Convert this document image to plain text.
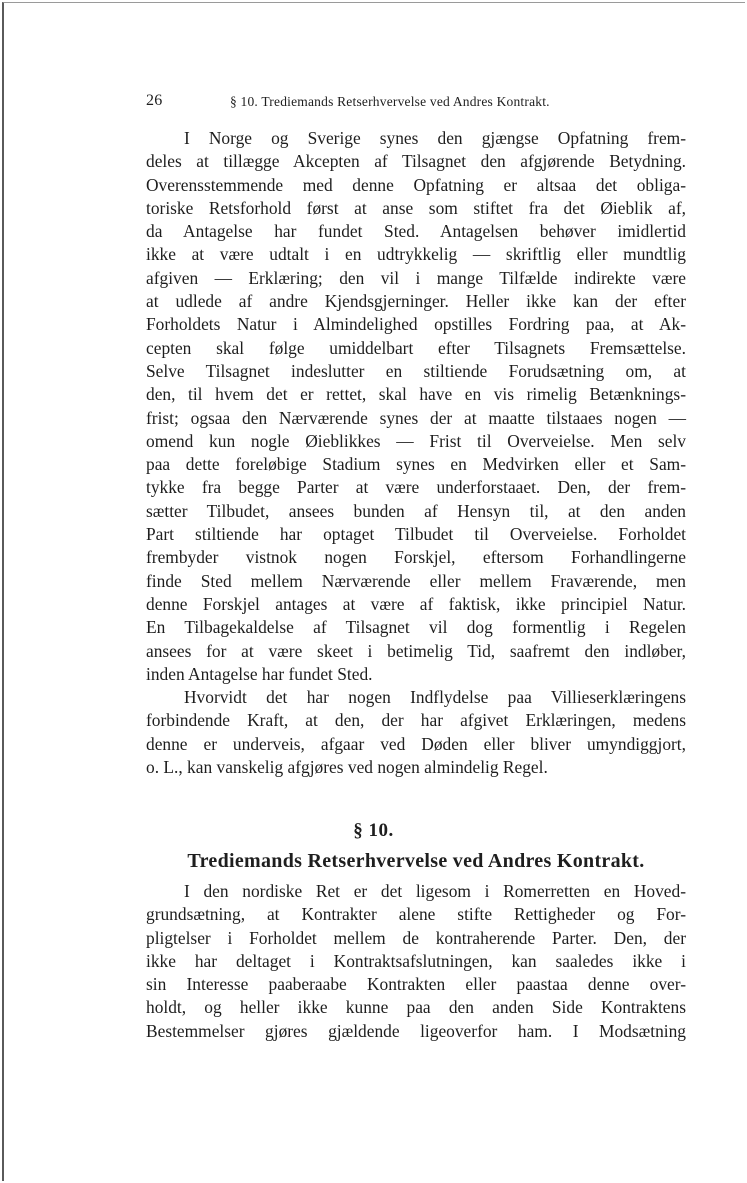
26	§ 10. Trediemands Retserhvervelse ved Andres Kontrakt.
I Norge og Sverige synes den gjængse Opfatning frem-
deles at tillægge Akcepten af Tilsagnet den afgjørende Betydning.
Overensstemmende med denne Opfatning er altsaa det obliga-
toriske Retsforhold først at anse som stiftet fra det Øieblik af,
da Antagelse har fundet Sted. Antagelsen behøver imidlertid
ikke at være udtalt i en udtrykkelig — skriftlig eller mundtlig
afgiven — Erklæring; den vil i mange Tilfælde indirekte være
at udlede af andre Kjendsgjerninger. Heller ikke kan der efter
Forholdets Natur i Almindelighed opstilles Fordring paa, at Ak-
cepten skal følge umiddelbart efter Tilsagnets Fremsættelse.
Selve Tilsagnet indeslutter en stiltiende Forudsætning om, at
den, til hvem det er rettet, skal have en vis rimelig Betænknings-
frist; ogsaa den Nærværende synes der at maatte tilstaaes nogen —
omend kun nogle Øieblikkes — Frist til Overveielse. Men selv
paa dette foreløbige Stadium synes en Medvirken eller et Sam-
tykke fra begge Parter at være underforstaaet. Den, der frem-
sætter Tilbudet, ansees bunden af Hensyn til, at den anden
Part stiltiende har optaget Tilbudet til Overveielse. Forholdet
frembyder vistnok nogen Forskjel, eftersom Forhandlingerne
finde Sted mellem Nærværende eller mellem Fraværende, men
denne Forskjel antages at være af faktisk, ikke principiel Natur.
En Tilbagekaldelse af Tilsagnet vil dog formentlig i Regelen
ansees for at være skeet i betimelig Tid, saafremt den indløber,
inden Antagelse har fundet Sted.
Hvorvidt det har nogen Indflydelse paa Villieserklæringens
forbindende Kraft, at den, der har afgivet Erklæringen, medens
denne er underveis, afgaar ved Døden eller bliver umyndiggjort,
o. L., kan vanskelig afgjøres ved nogen almindelig Regel.
§ 10.
Trediemands Retserhvervelse ved Andres Kontrakt.
I den nordiske Ret er det ligesom i Romerretten en Hoved-
grundsætning, at Kontrakter alene stifte Rettigheder og For-
pligtelser i Forholdet mellem de kontraherende Parter. Den, der
ikke har deltaget i Kontraktsafslutningen, kan saaledes ikke i
sin Interesse paaberaabe Kontrakten eller paastaa denne over-
holdt, og heller ikke kunne paa den anden Side Kontraktens
Bestemmelser gjøres gjældende ligeoverfor ham. I Modsætning
